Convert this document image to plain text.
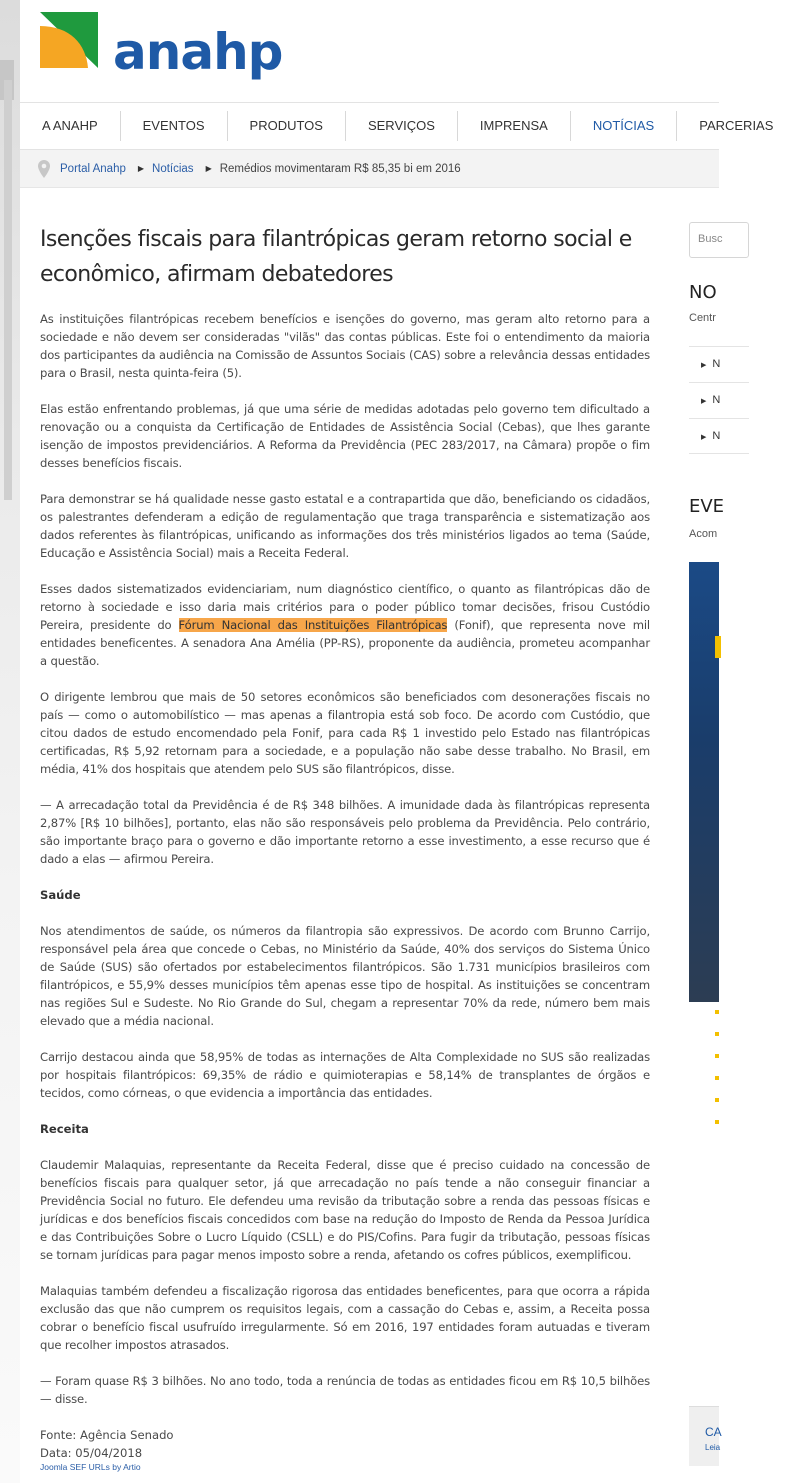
anahp
A ANAHP	EVENTOS	PRODUTOS	SERVIÇOS	IMPRENSA	NOTÍCIAS	PARCERIAS
Portal Anahp ▶ Notícias ▶ Remédios movimentaram R$ 85,35 bi em 2016
Isenções fiscais para filantrópicas geram retorno social e econômico, afirmam debatedores

As instituições filantrópicas recebem benefícios e isenções do governo, mas geram alto retorno para a sociedade e não devem ser consideradas "vilãs" das contas públicas. Este foi o entendimento da maioria dos participantes da audiência na Comissão de Assuntos Sociais (CAS) sobre a relevância dessas entidades para o Brasil, nesta quinta-feira (5).

Elas estão enfrentando problemas, já que uma série de medidas adotadas pelo governo tem dificultado a renovação ou a conquista da Certificação de Entidades de Assistência Social (Cebas), que lhes garante isenção de impostos previdenciários. A Reforma da Previdência (PEC 283/2017, na Câmara) propõe o fim desses benefícios fiscais.

Para demonstrar se há qualidade nesse gasto estatal e a contrapartida que dão, beneficiando os cidadãos, os palestrantes defenderam a edição de regulamentação que traga transparência e sistematização aos dados referentes às filantrópicas, unificando as informações dos três ministérios ligados ao tema (Saúde, Educação e Assistência Social) mais a Receita Federal.

Esses dados sistematizados evidenciariam, num diagnóstico científico, o quanto as filantrópicas dão de retorno à sociedade e isso daria mais critérios para o poder público tomar decisões, frisou Custódio Pereira, presidente do Fórum Nacional das Instituições Filantrópicas (Fonif), que representa nove mil entidades beneficentes. A senadora Ana Amélia (PP-RS), proponente da audiência, prometeu acompanhar a questão.

O dirigente lembrou que mais de 50 setores econômicos são beneficiados com desonerações fiscais no país — como o automobilístico — mas apenas a filantropia está sob foco. De acordo com Custódio, que citou dados de estudo encomendado pela Fonif, para cada R$ 1 investido pelo Estado nas filantrópicas certificadas, R$ 5,92 retornam para a sociedade, e a população não sabe desse trabalho. No Brasil, em média, 41% dos hospitais que atendem pelo SUS são filantrópicos, disse.

— A arrecadação total da Previdência é de R$ 348 bilhões. A imunidade dada às filantrópicas representa 2,87% [R$ 10 bilhões], portanto, elas não são responsáveis pelo problema da Previdência. Pelo contrário, são importante braço para o governo e dão importante retorno a esse investimento, a esse recurso que é dado a elas — afirmou Pereira.

Saúde

Nos atendimentos de saúde, os números da filantropia são expressivos. De acordo com Brunno Carrijo, responsável pela área que concede o Cebas, no Ministério da Saúde, 40% dos serviços do Sistema Único de Saúde (SUS) são ofertados por estabelecimentos filantrópicos. São 1.731 municípios brasileiros com filantrópicos, e 55,9% desses municípios têm apenas esse tipo de hospital. As instituições se concentram nas regiões Sul e Sudeste. No Rio Grande do Sul, chegam a representar 70% da rede, número bem mais elevado que a média nacional.

Carrijo destacou ainda que 58,95% de todas as internações de Alta Complexidade no SUS são realizadas por hospitais filantrópicos: 69,35% de rádio e quimioterapias e 58,14% de transplantes de órgãos e tecidos, como córneas, o que evidencia a importância das entidades.

Receita

Claudemir Malaquias, representante da Receita Federal, disse que é preciso cuidado na concessão de benefícios fiscais para qualquer setor, já que arrecadação no país tende a não conseguir financiar a Previdência Social no futuro. Ele defendeu uma revisão da tributação sobre a renda das pessoas físicas e jurídicas e dos benefícios fiscais concedidos com base na redução do Imposto de Renda da Pessoa Jurídica e das Contribuições Sobre o Lucro Líquido (CSLL) e do PIS/Cofins. Para fugir da tributação, pessoas físicas se tornam jurídicas para pagar menos imposto sobre a renda, afetando os cofres públicos, exemplificou.

Malaquias também defendeu a fiscalização rigorosa das entidades beneficentes, para que ocorra a rápida exclusão das que não cumprem os requisitos legais, com a cassação do Cebas e, assim, a Receita possa cobrar o benefício fiscal usufruído irregularmente. Só em 2016, 197 entidades foram autuadas e tiveram que recolher impostos atrasados.

— Foram quase R$ 3 bilhões. No ano todo, toda a renúncia de todas as entidades ficou em R$ 10,5 bilhões — disse.

Fonte: Agência Senado

Data: 05/04/2018

Joomla SEF URLs by Artio
Busc
NO
Centr
▶ N
▶ N
▶ N
EVE
Acom
CA
Leia
